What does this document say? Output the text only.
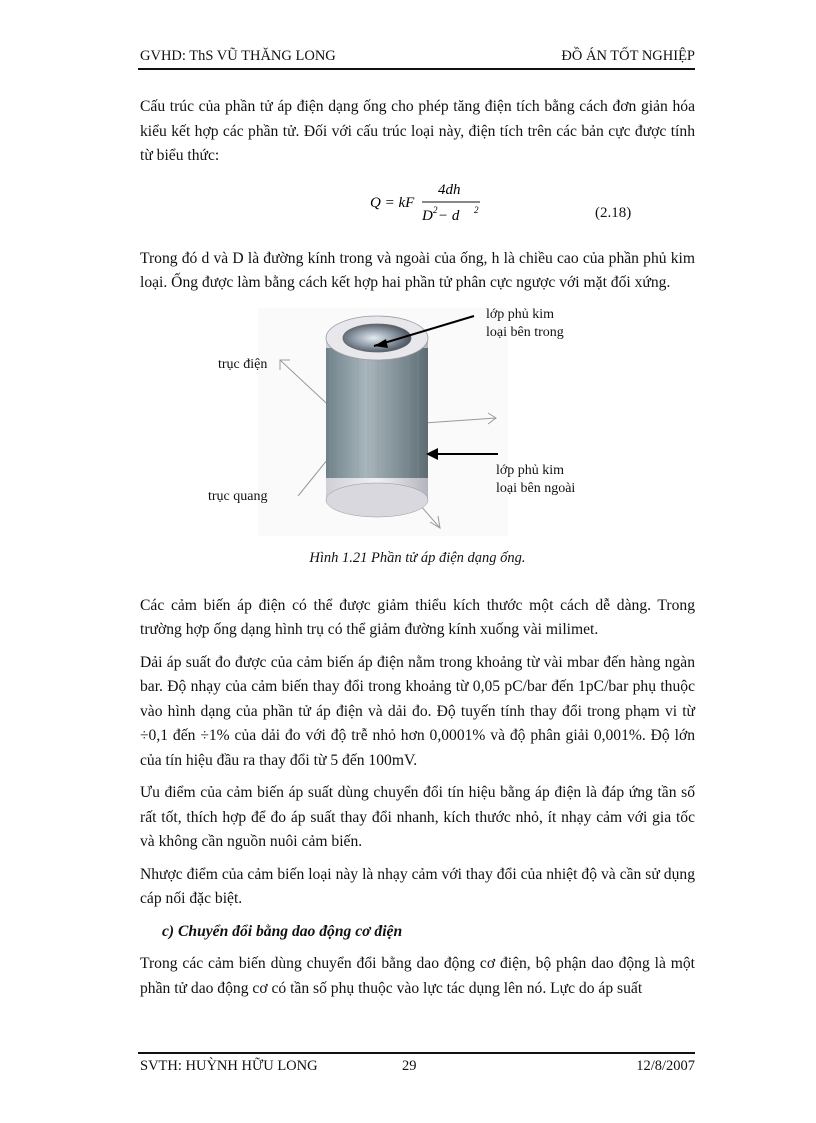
GVHD: ThS VŨ THĂNG LONG	ĐỒ ÁN TỐT NGHIỆP

Cấu trúc của phần tử áp điện dạng ống cho phép tăng điện tích bằng cách đơn giản hóa kiểu kết hợp các phần tử. Đối với cấu trúc loại này, điện tích trên các bản cực được tính từ biểu thức:

Q = kF
4dh
D 2 − d 2	(2.18)

Trong đó d và D là đường kính trong và ngoài của ống, h là chiều cao của phần phủ kim loại. Ống được làm bằng cách kết hợp hai phần tử phân cực ngược với mặt đối xứng.

lớp phủ kim
loại bên trong
trục điện
lớp phủ kim
loại bên ngoài
trục quang
Hình 1.21 Phần tử áp điện dạng ống.

Các cảm biến áp điện có thể được giảm thiểu kích thước một cách dễ dàng. Trong trường hợp ống dạng hình trụ có thể giảm đường kính xuống vài milimet.

Dải áp suất đo được của cảm biến áp điện nằm trong khoảng từ vài mbar đến hàng ngàn bar. Độ nhạy của cảm biến thay đổi trong khoảng từ 0,05 pC/bar đến 1pC/bar phụ thuộc vào hình dạng của phần tử áp điện và dải đo. Độ tuyến tính thay đổi trong phạm vi từ ÷0,1 đến ÷1% của dải đo với độ trễ nhỏ hơn 0,0001% và độ phân giải 0,001%. Độ lớn của tín hiệu đầu ra thay đổi từ 5 đến 100mV.

Ưu điểm của cảm biến áp suất dùng chuyển đổi tín hiệu bằng áp điện là đáp ứng tần số rất tốt, thích hợp để đo áp suất thay đổi nhanh, kích thước nhỏ, ít nhạy cảm với gia tốc và không cần nguồn nuôi cảm biến.

Nhược điểm của cảm biến loại này là nhạy cảm với thay đổi của nhiệt độ và cần sử dụng cáp nối đặc biệt.

c) Chuyển đổi bằng dao động cơ điện

Trong các cảm biến dùng chuyển đổi bằng dao động cơ điện, bộ phận dao động là một phần tử dao động cơ có tần số phụ thuộc vào lực tác dụng lên nó. Lực do áp suất

SVTH: HUỲNH HỮU LONG	29	12/8/2007
